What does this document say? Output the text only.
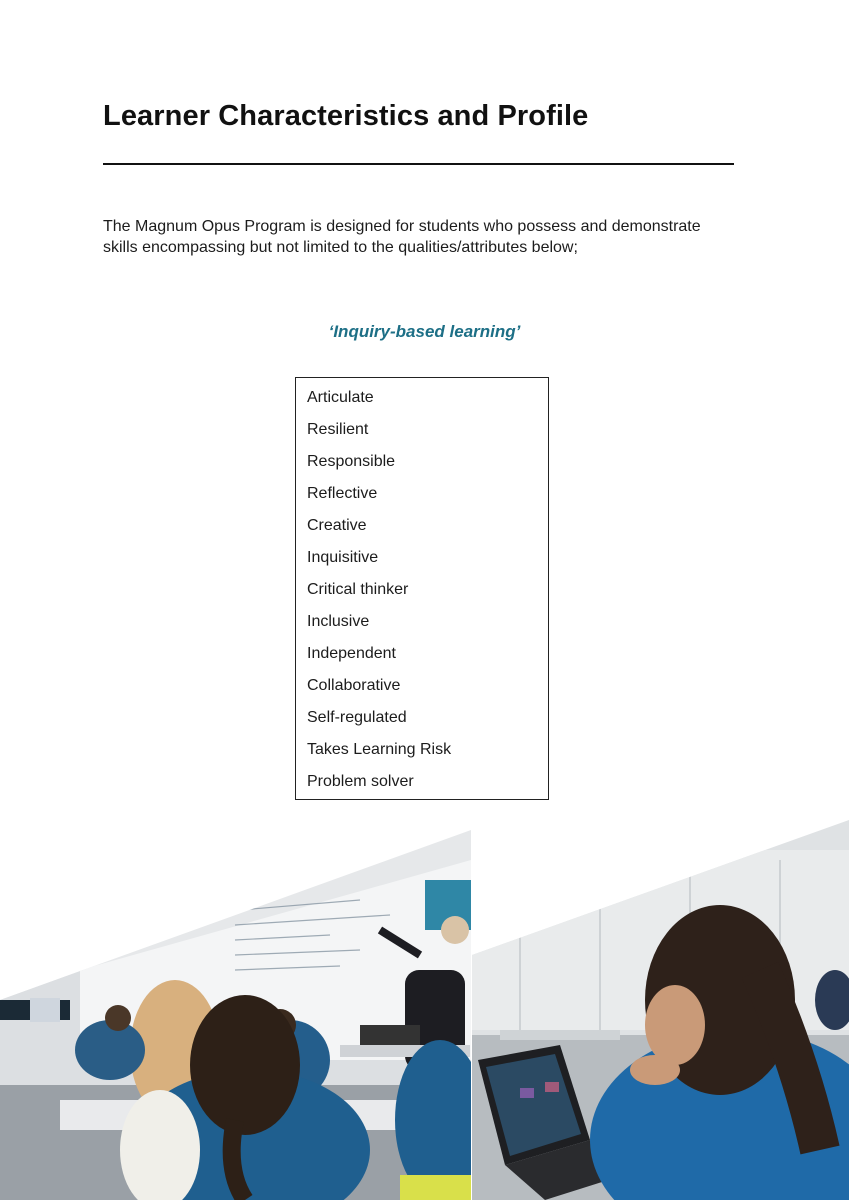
Learner Characteristics and Profile

The Magnum Opus Program is designed for students who possess and demonstrate skills encompassing but not limited to the qualities/attributes below;

‘Inquiry-based learning’

Articulate
Resilient
Responsible
Reflective
Creative
Inquisitive
Critical thinker
Inclusive
Independent
Collaborative
Self-regulated
Takes Learning Risk
Problem solver
